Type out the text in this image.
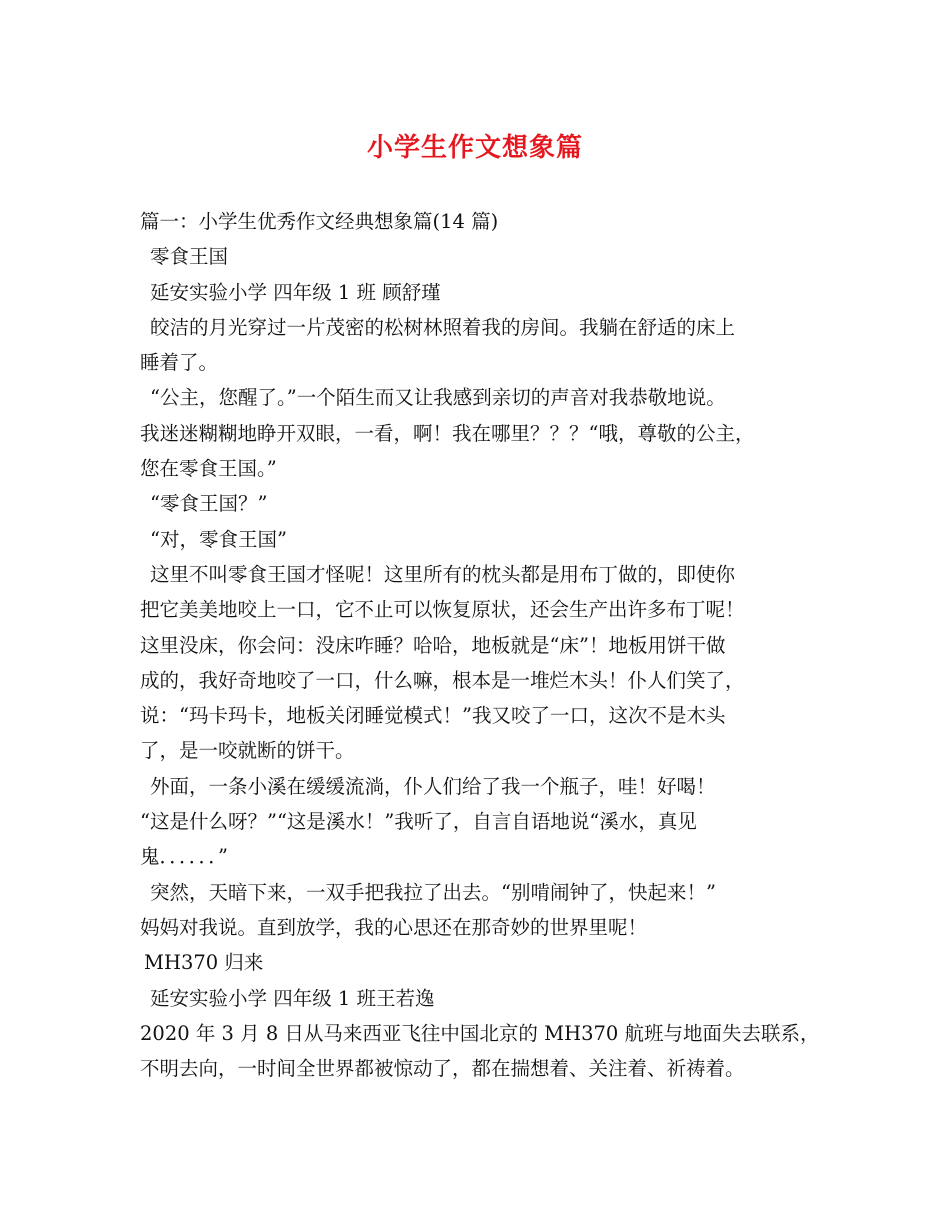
小学生作文想象篇
篇一：小学生优秀作文经典想象篇(14 篇)
零食王国
延安实验小学 四年级 1 班 顾舒瑾
皎洁的月光穿过一片茂密的松树林照着我的房间。我躺在舒适的床上
睡着了。
“公主，您醒了。”一个陌生而又让我感到亲切的声音对我恭敬地说。
我迷迷糊糊地睁开双眼，一看，啊！我在哪里？？？“哦，尊敬的公主，
您在零食王国。”
“零食王国？”
“对，零食王国”
这里不叫零食王国才怪呢！这里所有的枕头都是用布丁做的，即使你
把它美美地咬上一口，它不止可以恢复原状，还会生产出许多布丁呢！
这里没床，你会问：没床咋睡？哈哈，地板就是“床”！地板用饼干做
成的，我好奇地咬了一口，什么嘛，根本是一堆烂木头！仆人们笑了，
说：“玛卡玛卡，地板关闭睡觉模式！”我又咬了一口，这次不是木头
了，是一咬就断的饼干。
外面，一条小溪在缓缓流淌，仆人们给了我一个瓶子，哇！好喝！
“这是什么呀？”“这是溪水！”我听了，自言自语地说“溪水，真见
鬼．．．．．．”
突然，天暗下来，一双手把我拉了出去。“别啃闹钟了，快起来！”
妈妈对我说。直到放学，我的心思还在那奇妙的世界里呢！
MH370 归来
延安实验小学 四年级 1 班王若逸
2020 年 3 月 8 日从马来西亚飞往中国北京的 MH370 航班与地面失去联系，
不明去向，一时间全世界都被惊动了，都在揣想着、关注着、祈祷着。
